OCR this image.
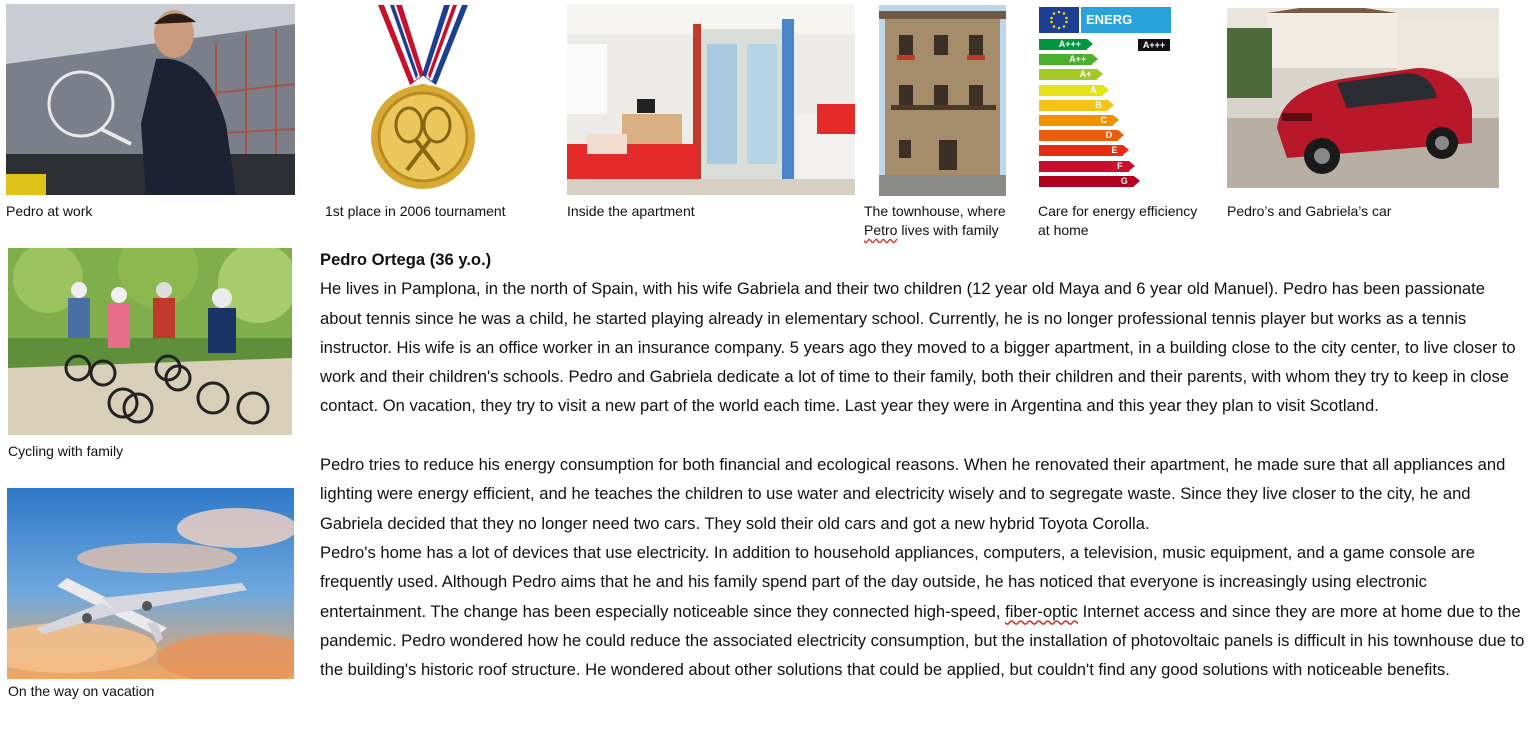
Pedro at work	1st place in 2006 tournament	Inside the apartment	The townhouse, where
Petro lives with family
ENERG
A+++
A++
A+
A
B
C
D
E
F
G
A+++
Care for energy efficiency
at home
Pedro’s and Gabriela’s car
Cycling with family
On the way on vacation

Pedro Ortega (36 y.o.)

He lives in Pamplona, in the north of Spain, with his wife Gabriela and their two children (12 year old Maya and 6 year old Manuel). Pedro has been passionate about tennis since he was a child, he started playing already in elementary school. Currently, he is no longer professional tennis player but works as a tennis instructor. His wife is an office worker in an insurance company. 5 years ago they moved to a bigger apartment, in a building close to the city center, to live closer to work and their children's schools. Pedro and Gabriela dedicate a lot of time to their family, both their children and their parents, with whom they try to keep in close contact. On vacation, they try to visit a new part of the world each time. Last year they were in Argentina and this year they plan to visit Scotland.

Pedro tries to reduce his energy consumption for both financial and ecological reasons. When he renovated their apartment, he made sure that all appliances and lighting were energy efficient, and he teaches the children to use water and electricity wisely and to segregate waste. Since they live closer to the city, he and Gabriela decided that they no longer need two cars. They sold their old cars and got a new hybrid Toyota Corolla.

Pedro's home has a lot of devices that use electricity. In addition to household appliances, computers, a television, music equipment, and a game console are frequently used. Although Pedro aims that he and his family spend part of the day outside, he has noticed that everyone is increasingly using electronic entertainment. The change has been especially noticeable since they connected high-speed, fiber-optic Internet access and since they are more at home due to the pandemic. Pedro wondered how he could reduce the associated electricity consumption, but the installation of photovoltaic panels is difficult in his townhouse due to the building's historic roof structure. He wondered about other solutions that could be applied, but couldn't find any good solutions with noticeable benefits.
